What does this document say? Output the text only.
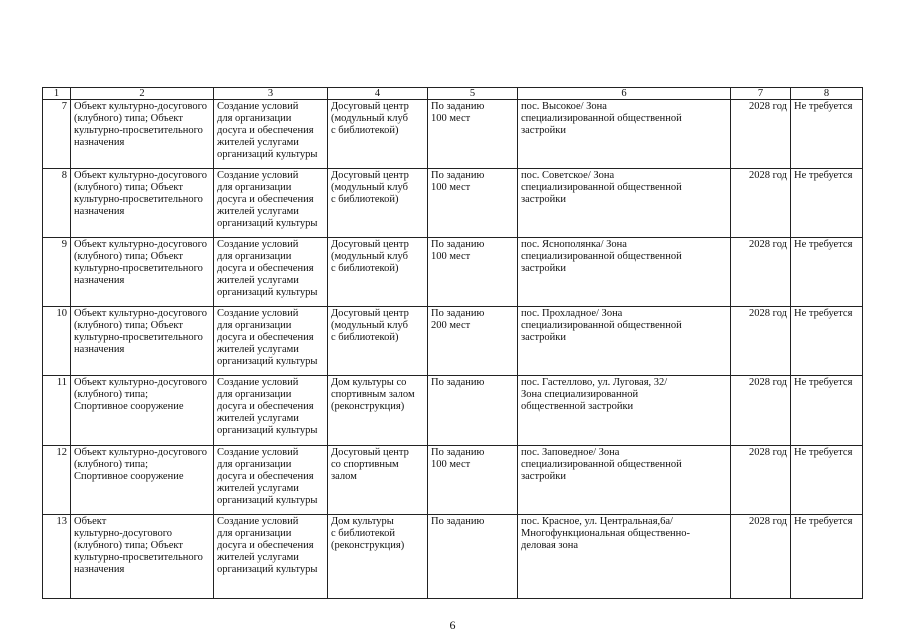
1	2	3	4	5	6	7	8
7	Объект культурно-досугового
(клубного) типа; Объект
культурно-просветительного
назначения	Создание условий
для организации
досуга и обеспечения
жителей услугами
организаций культуры	Досуговый центр
(модульный клуб
с библиотекой)	По заданию
100 мест	пос. Высокое/ Зона
специализированной общественной
застройки	2028 год	Не требуется
8	Объект культурно-досугового
(клубного) типа; Объект
культурно-просветительного
назначения	Создание условий
для организации
досуга и обеспечения
жителей услугами
организаций культуры	Досуговый центр
(модульный клуб
с библиотекой)	По заданию
100 мест	пос. Советское/ Зона
специализированной общественной
застройки	2028 год	Не требуется
9	Объект культурно-досугового
(клубного) типа; Объект
культурно-просветительного
назначения	Создание условий
для организации
досуга и обеспечения
жителей услугами
организаций культуры	Досуговый центр
(модульный клуб
с библиотекой)	По заданию
100 мест	пос. Яснополянка/ Зона
специализированной общественной
застройки	2028 год	Не требуется
10	Объект культурно-досугового
(клубного) типа; Объект
культурно-просветительного
назначения	Создание условий
для организации
досуга и обеспечения
жителей услугами
организаций культуры	Досуговый центр
(модульный клуб
с библиотекой)	По заданию
200 мест	пос. Прохладное/ Зона
специализированной общественной
застройки	2028 год	Не требуется
11	Объект культурно-досугового
(клубного) типа;
Спортивное сооружение	Создание условий
для организации
досуга и обеспечения
жителей услугами
организаций культуры	Дом культуры со
спортивным залом
(реконструкция)	По заданию	пос. Гастеллово, ул. Луговая, 32/
Зона специализированной
общественной застройки	2028 год	Не требуется
12	Объект культурно-досугового
(клубного) типа;
Спортивное сооружение	Создание условий
для организации
досуга и обеспечения
жителей услугами
организаций культуры	Досуговый центр
со спортивным
залом	По заданию
100 мест	пос. Заповедное/ Зона
специализированной общественной
застройки	2028 год	Не требуется
13	Объект
культурно-досугового
(клубного) типа; Объект
культурно-просветительного
назначения	Создание условий
для организации
досуга и обеспечения
жителей услугами
организаций культуры	Дом культуры
с библиотекой
(реконструкция)	По заданию	пос. Красное, ул. Центральная,6а/
Многофункциональная общественно-
деловая зона	2028 год	Не требуется
6
